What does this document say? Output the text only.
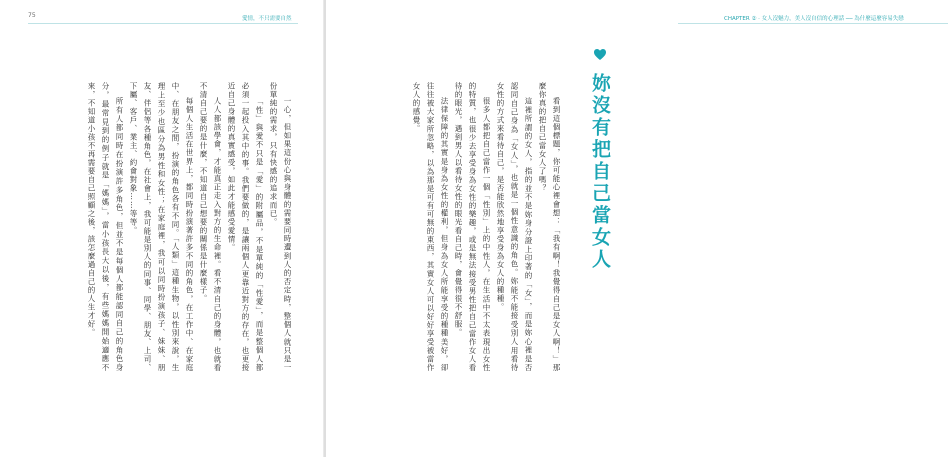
75	愛情，不只需要自然

一心，但如果這份心與身體的需要同時遭到人的否定時，整個人就只是一份單純的需求，只有快感的追求而已。

「性」與愛不只是「愛」的附屬品，不是單純的「性愛」，而是整個人都必須一起投入其中的事。我們要做的，是讓兩個人更靠近對方的存在，也更接近自己身體的真實感受，如此才能感受愛情。

人人都該學會，才能真正走入對方的生命裡。看不清自己的身體，也就看不清自己要的是什麼，不知道自己想要的關係是什麼樣子。

每個人生活在世界上，都同時扮演著許多不同的角色，在工作中、在家庭中、在朋友之間，扮演的角色各有不同。「人類」這種生物，以性別來說，生理上至少也區分為男性和女性；在家庭裡，我可以同時扮演孩子、妹妹、朋友、伴侶等各種角色，在社會上，我可能是別人的同事、同學、朋友、上司、下屬、客戶、業主、約會對象……等等。

所有人都同時在扮演許多角色，但並不是每個人都能認同自己的角色身分，最常見到的例子就是「媽媽」，當小孩長大以後，有些媽媽開始適應不來，不知道小孩不再需要自己照顧之後，該怎麼過自己的人生才好。

CHAPTER ② ‧ 女人沒魅力，美人沒自信的心理話 ── 為什麼這麼容易失戀

看到這個標題，你可能心裡會想：「我有啊！我覺得自己是女人啊！」那麼你真的把自己當女人了嗎？

這裡所謂的女人，指的並不是妳身分證上印著的「女」，而是妳心裡是否認同自己身為「女人」，也就是一個性意識的角色。妳能不能接受別人用看待女性的方式來看待自己，是否能欣然地享受身為女人的種種。

很多人都把自己當作一個「性別」上的中性人，在生活中不太表現出女性的特質，也很少去享受身為女性的樂趣，或是無法接受男性把自己當作女人看待的眼光，遇到男人以看待女性的眼光看自己時，會覺得很不舒服。

法律保障的其實是身為女性的權利，但身為女人所能享受的種種美好，卻往往被大家所忽略，以為那是可有可無的東西，其實女人可以好好享受被當作女人的感覺。	妳沒有把自己當女人
